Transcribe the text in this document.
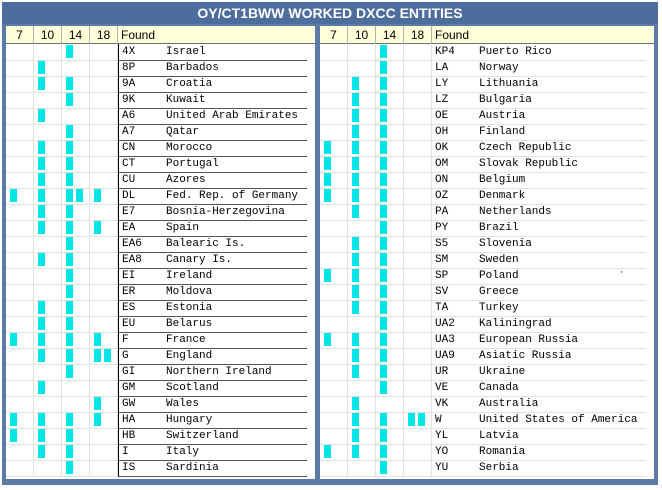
OY/CT1BWW WORKED DXCC ENTITIES
7	10	14	18 Found
4X	Israel
8P	Barbados
9A	Croatia
9K	Kuwait
A6	United Arab Emirates
A7	Qatar
CN	Morocco
CT	Portugal
CU	Azores
DL	Fed. Rep. of Germany
E7	Bosnia-Herzegovina
EA	Spain
EA6 Balearic Is.
EA8 Canary Is.
EI	Ireland
ER	Moldova
ES	Estonia
EU	Belarus
F	France
G	England
GI	Northern Ireland
GM	Scotland
GW	Wales
HA	Hungary
HB	Switzerland
I	Italy
IS	Sardinia
7	10	14	18 Found
KP4 Puerto Rico
LA	Norway
LY	Lithuania
LZ	Bulgaria
OE	Austria
OH	Finland
OK	Czech Republic
OM	Slovak Republic
ON	Belgium
OZ	Denmark
PA	Netherlands
PY	Brazil
S5	Slovenia
SM	Sweden
SP	Poland
SV	Greece
TA	Turkey
UA2 Kaliningrad
UA3 European Russia
UA9 Asiatic Russia
UR	Ukraine
VE	Canada
VK	Australia
W	United States of America
YL	Latvia
YO	Romania
YU	Serbia
